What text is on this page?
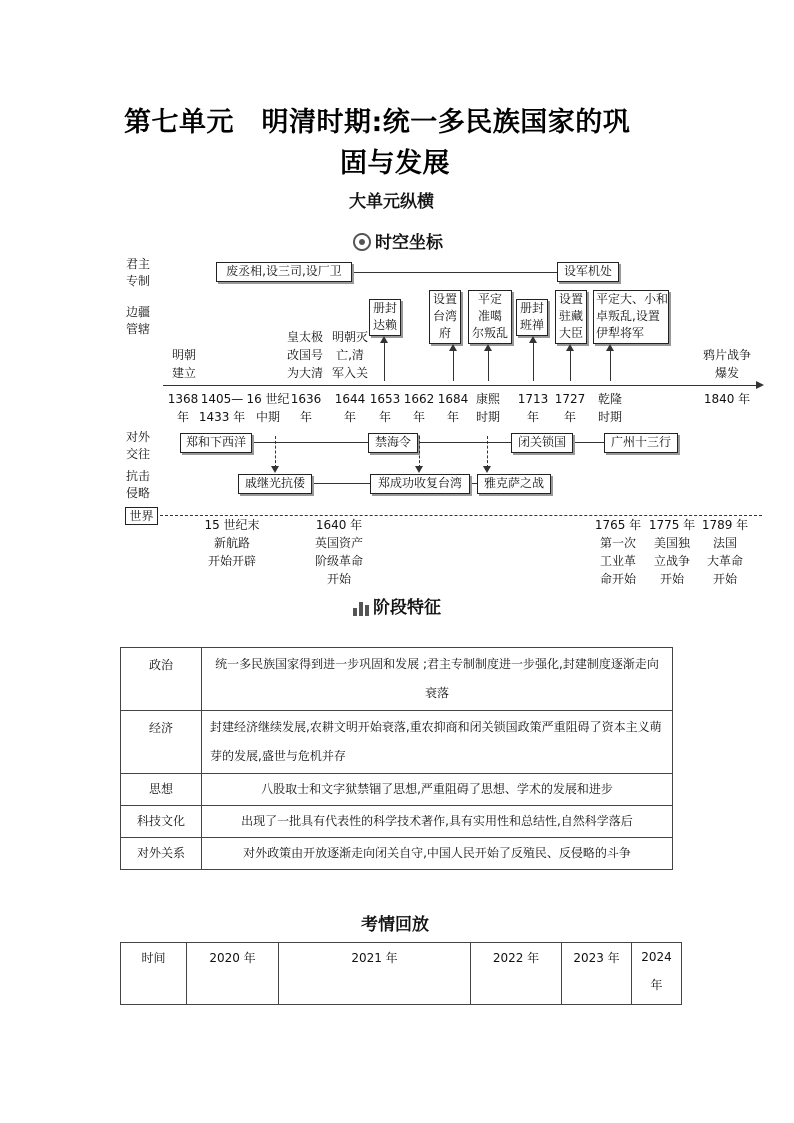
第七单元　明清时期:统一多民族国家的巩
固与发展
大单元纵横
时空坐标
君主
专制
边疆
管辖
对外
交往
抗击
侵略
世界
废丞相,设三司,设厂卫	设军机处
册封
达赖
设置
台湾
府
平定
准噶
尔叛乱
册封
班禅
设置
驻藏
大臣
平定大、小和
卓叛乱,设置
伊犁将军
明朝
建立
皇太极
改国号
为大清
明朝灭
亡,清
军入关
鸦片战争
爆发
1368
年
1405—
1433 年
16 世纪
中期
1636
年
1644
年
1653
年
1662
年
1684
年
康熙
时期
1713
年
1727
年
乾隆
时期
1840 年
郑和下西洋	禁海令	闭关锁国	广州十三行
戚继光抗倭	郑成功收复台湾	雅克萨之战
15 世纪末
新航路
开始开辟
1640 年
英国资产
阶级革命
开始
1765 年
第一次
工业革
命开始
1775 年
美国独
立战争
开始
1789 年
法国
大革命
开始
阶段特征
政治	统一多民族国家得到进一步巩固和发展 ;君主专制制度进一步强化,封建制度逐渐走向衰落
经济	封建经济继续发展,农耕文明开始衰落,重农抑商和闭关锁国政策严重阻碍了资本主义萌芽的发展,盛世与危机并存
思想	八股取士和文字狱禁锢了思想,严重阻碍了思想、学术的发展和进步
科技文化	出现了一批具有代表性的科学技术著作,具有实用性和总结性,自然科学落后
对外关系	对外政策由开放逐渐走向闭关自守,中国人民开始了反殖民、反侵略的斗争
考情回放
时间	2020 年	2021 年	2022 年	2023 年	2024
年
